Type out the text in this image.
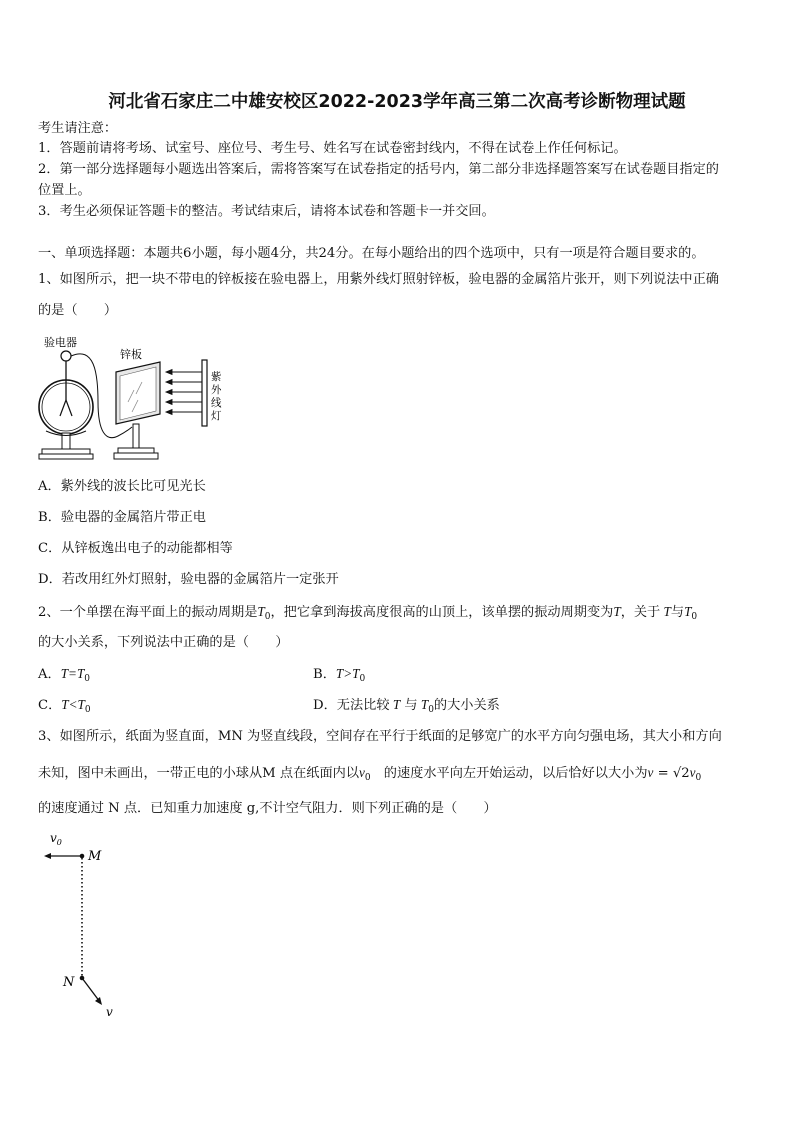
河北省石家庄二中雄安校区2022-2023学年高三第二次高考诊断物理试题
考生请注意：
1．答题前请将考场、试室号、座位号、考生号、姓名写在试卷密封线内，不得在试卷上作任何标记。
2．第一部分选择题每小题选出答案后，需将答案写在试卷指定的括号内，第二部分非选择题答案写在试卷题目指定的
位置上。
3．考生必须保证答题卡的整洁。考试结束后，请将本试卷和答题卡一并交回。
一、单项选择题：本题共6小题，每小题4分，共24分。在每小题给出的四个选项中，只有一项是符合题目要求的。
1、如图所示，把一块不带电的锌板接在验电器上，用紫外线灯照射锌板，验电器的金属箔片张开，则下列说法中正确
的是（　　）
验电器
锌板
紫
外
线
灯
A．紫外线的波长比可见光长
B．验电器的金属箔片带正电
C．从锌板逸出电子的动能都相等
D．若改用红外灯照射，验电器的金属箔片一定张开
2、一个单摆在海平面上的振动周期是$T_0$，把它拿到海拔高度很高的山顶上，该单摆的振动周期变为T，关于 T与$T_0$
的大小关系，下列说法中正确的是（　　）
A．$T=T_0$	B．$T>T_0$
C．$T<T_0$	D．无法比较 T 与 $T_0$的大小关系
3、如图所示，纸面为竖直面，MN 为竖直线段，空间存在平行于纸面的足够宽广的水平方向匀强电场，其大小和方向
未知，图中未画出，一带正电的小球从M 点在纸面内以$v_0$　 的速度水平向左开始运动，以后恰好以大小为$v = √2v_0$
的速度通过 N 点．已知重力加速度 g,不计空气阻力．则下列正确的是（　　）
$v_0$
M
N
v
